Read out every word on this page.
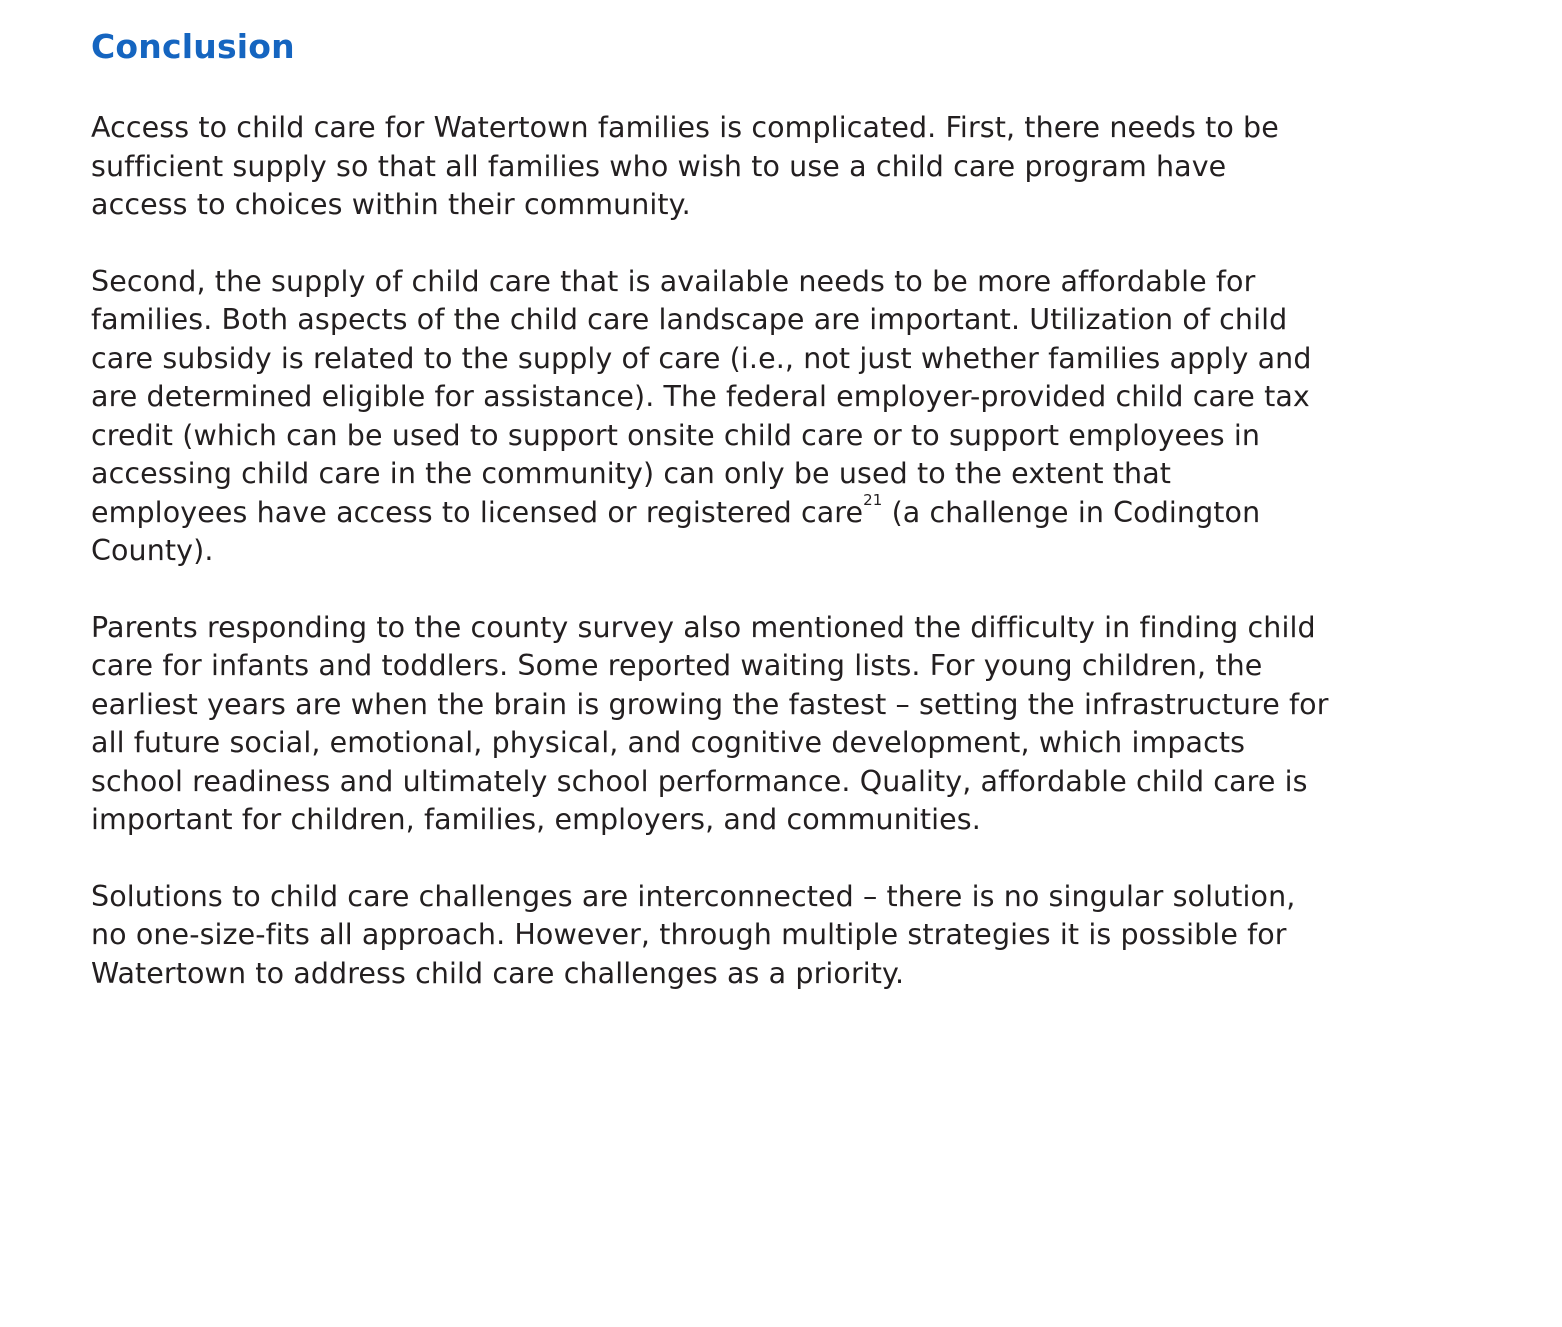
Conclusion

Access to child care for Watertown families is complicated. First, there needs to be
sufficient supply so that all families who wish to use a child care program have
access to choices within their community.

Second, the supply of child care that is available needs to be more affordable for
families. Both aspects of the child care landscape are important. Utilization of child
care subsidy is related to the supply of care (i.e., not just whether families apply and
are determined eligible for assistance). The federal employer-provided child care tax
credit (which can be used to support onsite child care or to support employees in
accessing child care in the community) can only be used to the extent that
employees have access to licensed or registered care$^{21}$ (a challenge in Codington
County).

Parents responding to the county survey also mentioned the difficulty in finding child
care for infants and toddlers. Some reported waiting lists. For young children, the
earliest years are when the brain is growing the fastest – setting the infrastructure for
all future social, emotional, physical, and cognitive development, which impacts
school readiness and ultimately school performance. Quality, affordable child care is
important for children, families, employers, and communities.

Solutions to child care challenges are interconnected – there is no singular solution,
no one-size-fits all approach. However, through multiple strategies it is possible for
Watertown to address child care challenges as a priority.
